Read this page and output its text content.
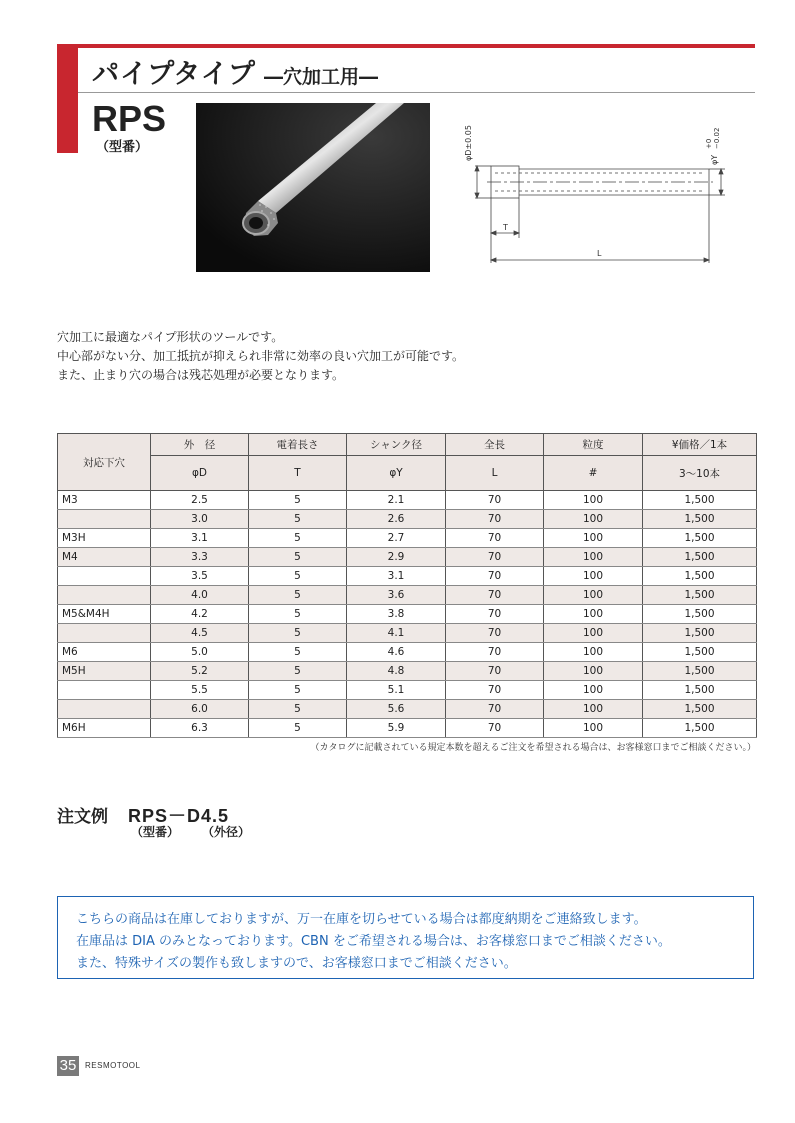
パイプタイプ ―穴加工用―
RPS
（型番）	φD±0.05	φY
+0 −0.02
T
L

穴加工に最適なパイプ形状のツールです。

中心部がない分、加工抵抗が抑えられ非常に効率の良い穴加工が可能です。

また、止まり穴の場合は残芯処理が必要となります。

対応下穴	外　径	電着長さ	シャンク径	全長	粒度	¥価格／1本
	φD	T	φY	L	#	3〜10本
M3	2.5	5	2.1	70	100	1,500
	3.0	5	2.6	70	100	1,500
M3H	3.1	5	2.7	70	100	1,500
M4	3.3	5	2.9	70	100	1,500
	3.5	5	3.1	70	100	1,500
	4.0	5	3.6	70	100	1,500
M5&M4H	4.2	5	3.8	70	100	1,500
	4.5	5	4.1	70	100	1,500
M6	5.0	5	4.6	70	100	1,500
M5H	5.2	5	4.8	70	100	1,500
	5.5	5	5.1	70	100	1,500
	6.0	5	5.6	70	100	1,500
M6H	6.3	5	5.9	70	100	1,500
（カタログに記載されている規定本数を超えるご注文を希望される場合は、お客様窓口までご相談ください。）
注文例 RPS－D4.5
（型番） （外径）

こちらの商品は在庫しておりますが、万一在庫を切らせている場合は都度納期をご連絡致します。

在庫品は DIA のみとなっております。CBN をご希望される場合は、お客様窓口までご相談ください。

また、特殊サイズの製作も致しますので、お客様窓口までご相談ください。

35	RESMOTOOL
